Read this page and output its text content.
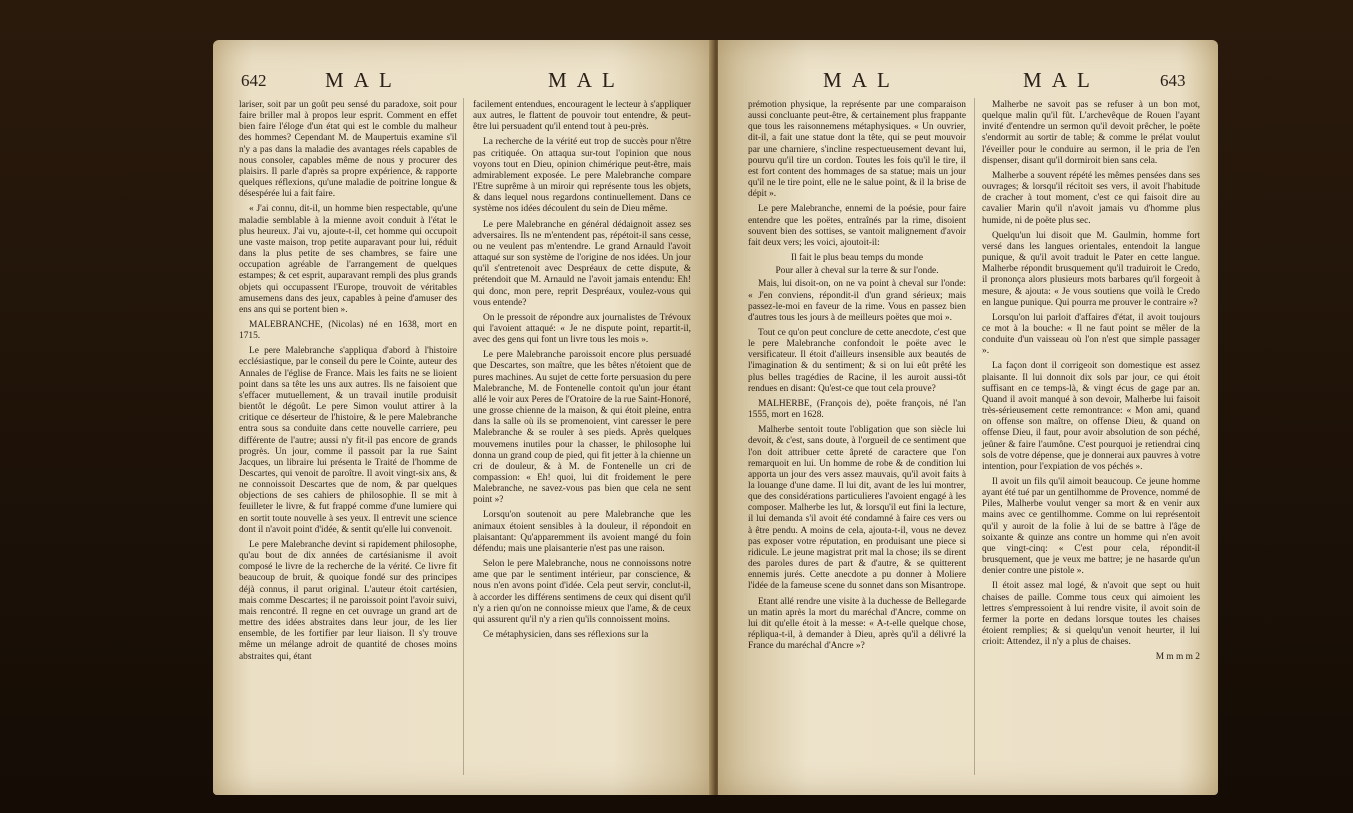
642	M A L	M A L

lariser, soit par un goût peu sensé du paradoxe, soit pour faire briller mal à propos leur esprit. Comment en effet bien faire l'éloge d'un état qui est le comble du malheur des hommes? Cependant M. de Maupertuis examine s'il n'y a pas dans la maladie des avantages réels capables de nous consoler, capables même de nous y procurer des plaisirs. Il parle d'après sa propre expérience, & rapporte quelques réflexions, qu'une maladie de poitrine longue & désespérée lui a fait faire.

« J'ai connu, dit-il, un homme bien respectable, qu'une maladie semblable à la mienne avoit conduit à l'état le plus heureux. J'ai vu, ajoute-t-il, cet homme qui occupoit une vaste maison, trop petite auparavant pour lui, réduit dans la plus petite de ses chambres, se faire une occupation agréable de l'arrangement de quelques estampes; & cet esprit, auparavant rempli des plus grands objets qui occupassent l'Europe, trouvoit de véritables amusemens dans des jeux, capables à peine d'amuser des ens ans qui se portent bien ».

MALEBRANCHE, (Nicolas) né en 1638, mort en 1715.

Le pere Malebranche s'appliqua d'abord à l'histoire ecclésiastique, par le conseil du pere le Cointe, auteur des Annales de l'église de France. Mais les faits ne se lioient point dans sa tête les uns aux autres. Ils ne faisoient que s'effacer mutuellement, & un travail inutile produisit bientôt le dégoût. Le pere Simon voulut attirer à la critique ce déserteur de l'histoire, & le pere Malebranche entra sous sa conduite dans cette nouvelle carriere, peu différente de l'autre; aussi n'y fit-il pas encore de grands progrès. Un jour, comme il passoit par la rue Saint Jacques, un libraire lui présenta le Traité de l'homme de Descartes, qui venoit de paroître. Il avoit vingt-six ans, & ne connoissoit Descartes que de nom, & par quelques objections de ses cahiers de philosophie. Il se mit à feuilleter le livre, & fut frappé comme d'une lumiere qui en sortit toute nouvelle à ses yeux. Il entrevit une science dont il n'avoit point d'idée, & sentit qu'elle lui convenoit.

Le pere Malebranche devint si rapidement philosophe, qu'au bout de dix années de cartésianisme il avoit composé le livre de la recherche de la vérité. Ce livre fit beaucoup de bruit, & quoique fondé sur des principes déjà connus, il parut original. L'auteur étoit cartésien, mais comme Descartes; il ne paroissoit point l'avoir suivi, mais rencontré. Il regne en cet ouvrage un grand art de mettre des idées abstraites dans leur jour, de les lier ensemble, de les fortifier par leur liaison. Il s'y trouve même un mélange adroit de quantité de choses moins abstraites qui, étant

facilement entendues, encouragent le lecteur à s'appliquer aux autres, le flattent de pouvoir tout entendre, & peut-être lui persuadent qu'il entend tout à peu-près.

La recherche de la vérité eut trop de succès pour n'être pas critiquée. On attaqua sur-tout l'opinion que nous voyons tout en Dieu, opinion chimérique peut-être, mais admirablement exposée. Le pere Malebranche compare l'Etre suprême à un miroir qui représente tous les objets, & dans lequel nous regardons continuellement. Dans ce système nos idées découlent du sein de Dieu même.

Le pere Malebranche en général dédaignoit assez ses adversaires. Ils ne m'entendent pas, répétoit-il sans cesse, ou ne veulent pas m'entendre. Le grand Arnauld l'avoit attaqué sur son système de l'origine de nos idées. Un jour qu'il s'entretenoit avec Despréaux de cette dispute, & prétendoit que M. Arnauld ne l'avoit jamais entendu: Eh! qui donc, mon pere, reprit Despréaux, voulez-vous qui vous entende?

On le pressoit de répondre aux journalistes de Trévoux qui l'avoient attaqué: « Je ne dispute point, repartit-il, avec des gens qui font un livre tous les mois ».

Le pere Malebranche paroissoit encore plus persuadé que Descartes, son maître, que les bêtes n'étoient que de pures machines. Au sujet de cette forte persuasion du pere Malebranche, M. de Fontenelle contoit qu'un jour étant allé le voir aux Peres de l'Oratoire de la rue Saint-Honoré, une grosse chienne de la maison, & qui étoit pleine, entra dans la salle où ils se promenoient, vint caresser le pere Malebranche & se rouler à ses pieds. Après quelques mouvemens inutiles pour la chasser, le philosophe lui donna un grand coup de pied, qui fit jetter à la chienne un cri de douleur, & à M. de Fontenelle un cri de compassion: « Eh! quoi, lui dit froidement le pere Malebranche, ne savez-vous pas bien que cela ne sent point »?

Lorsqu'on soutenoit au pere Malebranche que les animaux étoient sensibles à la douleur, il répondoit en plaisantant: Qu'apparemment ils avoient mangé du foin défendu; mais une plaisanterie n'est pas une raison.

Selon le pere Malebranche, nous ne connoissons notre ame que par le sentiment intérieur, par conscience, & nous n'en avons point d'idée. Cela peut servir, conclut-il, à accorder les différens sentimens de ceux qui disent qu'il n'y a rien qu'on ne connoisse mieux que l'ame, & de ceux qui assurent qu'il n'y a rien qu'ils connoissent moins.

Ce métaphysicien, dans ses réflexions sur la

M A L	M A L	643

prémotion physique, la représente par une comparaison aussi concluante peut-être, & certainement plus frappante que tous les raisonnemens métaphysiques. « Un ouvrier, dit-il, a fait une statue dont la tête, qui se peut mouvoir par une charniere, s'incline respectueusement devant lui, pourvu qu'il tire un cordon. Toutes les fois qu'il le tire, il est fort content des hommages de sa statue; mais un jour qu'il ne le tire point, elle ne le salue point, & il la brise de dépit ».

Le pere Malebranche, ennemi de la poésie, pour faire entendre que les poëtes, entraînés par la rime, disoient souvent bien des sottises, se vantoit malignement d'avoir fait deux vers; les voici, ajoutoit-il:

Il fait le plus beau temps du monde

Pour aller à cheval sur la terre & sur l'onde.

Mais, lui disoit-on, on ne va point à cheval sur l'onde: « J'en conviens, répondit-il d'un grand sérieux; mais passez-le-moi en faveur de la rime. Vous en passez bien d'autres tous les jours à de meilleurs poëtes que moi ».

Tout ce qu'on peut conclure de cette anecdote, c'est que le pere Malebranche confondoit le poëte avec le versificateur. Il étoit d'ailleurs insensible aux beautés de l'imagination & du sentiment; & si on lui eût prêté les plus belles tragédies de Racine, il les auroit aussi-tôt rendues en disant: Qu'est-ce que tout cela prouve?

MALHERBE, (François de), poëte françois, né l'an 1555, mort en 1628.

Malherbe sentoit toute l'obligation que son siècle lui devoit, & c'est, sans doute, à l'orgueil de ce sentiment que l'on doit attribuer cette âpreté de caractere que l'on remarquoit en lui. Un homme de robe & de condition lui apporta un jour des vers assez mauvais, qu'il avoit faits à la louange d'une dame. Il lui dit, avant de les lui montrer, que des considérations particulieres l'avoient engagé à les composer. Malherbe les lut, & lorsqu'il eut fini la lecture, il lui demanda s'il avoit été condamné à faire ces vers ou à être pendu. A moins de cela, ajouta-t-il, vous ne devez pas exposer votre réputation, en produisant une piece si ridicule. Le jeune magistrat prit mal la chose; ils se dirent des paroles dures de part & d'autre, & se quitterent ennemis jurés. Cette anecdote a pu donner à Moliere l'idée de la fameuse scene du sonnet dans son Misantrope.

Etant allé rendre une visite à la duchesse de Bellegarde un matin après la mort du maréchal d'Ancre, comme on lui dit qu'elle étoit à la messe: « A-t-elle quelque chose, répliqua-t-il, à demander à Dieu, après qu'il a délivré la France du maréchal d'Ancre »?

Malherbe ne savoit pas se refuser à un bon mot, quelque malin qu'il fût. L'archevêque de Rouen l'ayant invité d'entendre un sermon qu'il devoit prêcher, le poëte s'endormit au sortir de table; & comme le prélat voulut l'éveiller pour le conduire au sermon, il le pria de l'en dispenser, disant qu'il dormiroit bien sans cela.

Malherbe a souvent répété les mêmes pensées dans ses ouvrages; & lorsqu'il récitoit ses vers, il avoit l'habitude de cracher à tout moment, c'est ce qui faisoit dire au cavalier Marin qu'il n'avoit jamais vu d'homme plus humide, ni de poëte plus sec.

Quelqu'un lui disoit que M. Gaulmin, homme fort versé dans les langues orientales, entendoit la langue punique, & qu'il avoit traduit le Pater en cette langue. Malherbe répondit brusquement qu'il traduiroit le Credo, il prononça alors plusieurs mots barbares qu'il forgeoit à mesure, & ajouta: « Je vous soutiens que voilà le Credo en langue punique. Qui pourra me prouver le contraire »?

Lorsqu'on lui parloit d'affaires d'état, il avoit toujours ce mot à la bouche: « Il ne faut point se mêler de la conduite d'un vaisseau où l'on n'est que simple passager ».

La façon dont il corrigeoit son domestique est assez plaisante. Il lui donnoit dix sols par jour, ce qui étoit suffisant en ce temps-là, & vingt écus de gage par an. Quand il avoit manqué à son devoir, Malherbe lui faisoit très-sérieusement cette remontrance: « Mon ami, quand on offense son maître, on offense Dieu, & quand on offense Dieu, il faut, pour avoir absolution de son péché, jeûner & faire l'aumône. C'est pourquoi je retiendrai cinq sols de votre dépense, que je donnerai aux pauvres à votre intention, pour l'expiation de vos péchés ».

Il avoit un fils qu'il aimoit beaucoup. Ce jeune homme ayant été tué par un gentilhomme de Provence, nommé de Piles, Malherbe voulut venger sa mort & en venir aux mains avec ce gentilhomme. Comme on lui représentoit qu'il y auroit de la folie à lui de se battre à l'âge de soixante & quinze ans contre un homme qui n'en avoit que vingt-cinq: « C'est pour cela, répondit-il brusquement, que je veux me battre; je ne hasarde qu'un denier contre une pistole ».

Il étoit assez mal logé, & n'avoit que sept ou huit chaises de paille. Comme tous ceux qui aimoient les lettres s'empressoient à lui rendre visite, il avoit soin de fermer la porte en dedans lorsque toutes les chaises étoient remplies; & si quelqu'un venoit heurter, il lui crioit: Attendez, il n'y a plus de chaises.

M m m m 2
